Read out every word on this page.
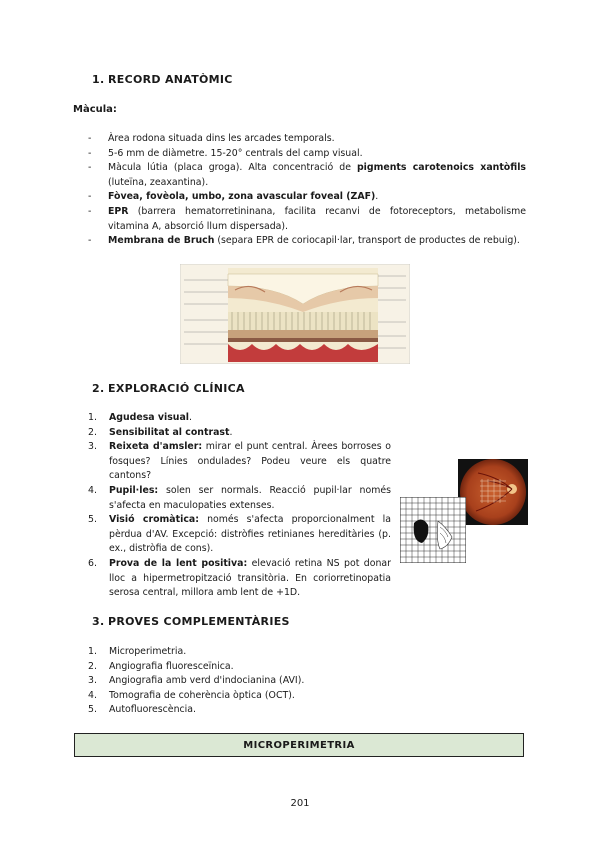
1. RECORD ANATÒMIC
Màcula:
- Àrea rodona situada dins les arcades temporals.
- 5-6 mm de diàmetre. 15-20° centrals del camp visual.
- Màcula lútia (placa groga). Alta concentració de pigments carotenoics xantòfils (luteïna, zeaxantina).
- Fòvea, fovèola, umbo, zona avascular foveal (ZAF).
- EPR (barrera hematorretininana, facilita recanvi de fotoreceptors, metabolisme vitamina A, absorció llum dispersada).
- Membrana de Bruch (separa EPR de coriocapil·lar, transport de productes de rebuig).
2. EXPLORACIÓ CLÍNICA
1. Agudesa visual.
2. Sensibilitat al contrast.
3. Reixeta d'amsler: mirar el punt central. Àrees borroses o fosques? Línies ondulades? Podeu veure els quatre cantons?
4. Pupil·les: solen ser normals. Reacció pupil·lar només s'afecta en maculopaties extenses.
5. Visió cromàtica: només s'afecta proporcionalment la pèrdua d'AV. Excepció: distròfies retinianes hereditàries (p. ex., distròfia de cons).
6. Prova de la lent positiva: elevació retina NS pot donar lloc a hipermetropització transitòria. En coriorretinopatia serosa central, millora amb lent de +1D.
3. PROVES COMPLEMENTÀRIES
1. Microperimetria.
2. Angiografia fluoresceïnica.
3. Angiografia amb verd d'indocianina (AVI).
4. Tomografia de coherència òptica (OCT).
5. Autofluorescència.
MICROPERIMETRIA
201
